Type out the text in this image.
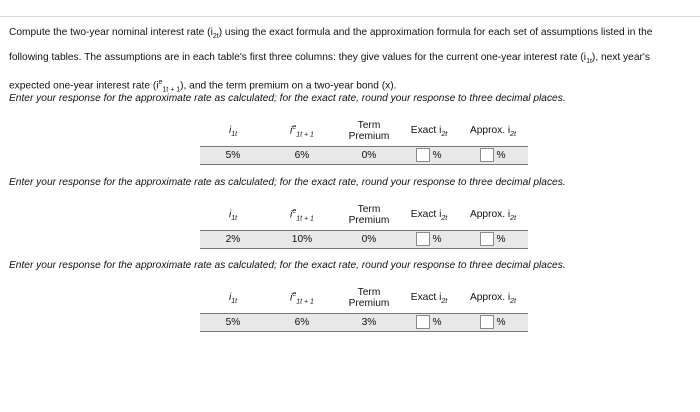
Compute the two-year nominal interest rate $(i_{2t})$ using the exact formula and the approximation formula for each set of assumptions listed in the
following tables. The assumptions are in each table's first three columns: they give values for the current one-year interest rate $(i_{1t})$, next year's
expected one-year interest rate $(i^e_{1t + 1})$, and the term premium on a two-year bond (x).
Enter your response for the approximate rate as calculated; for the exact rate, round your response to three decimal places.
$i_{1t}$	$i^e_{1t + 1}$	Term
Premium	Exact $i_{2t}$	Approx. $i_{2t}$
5%	6%	0%	%	%
Enter your response for the approximate rate as calculated; for the exact rate, round your response to three decimal places.
$i_{1t}$	$i^e_{1t + 1}$	Term
Premium	Exact $i_{2t}$	Approx. $i_{2t}$
2%	10%	0%	%	%
Enter your response for the approximate rate as calculated; for the exact rate, round your response to three decimal places.
$i_{1t}$	$i^e_{1t + 1}$	Term
Premium	Exact $i_{2t}$	Approx. $i_{2t}$
5%	6%	3%	%	%
